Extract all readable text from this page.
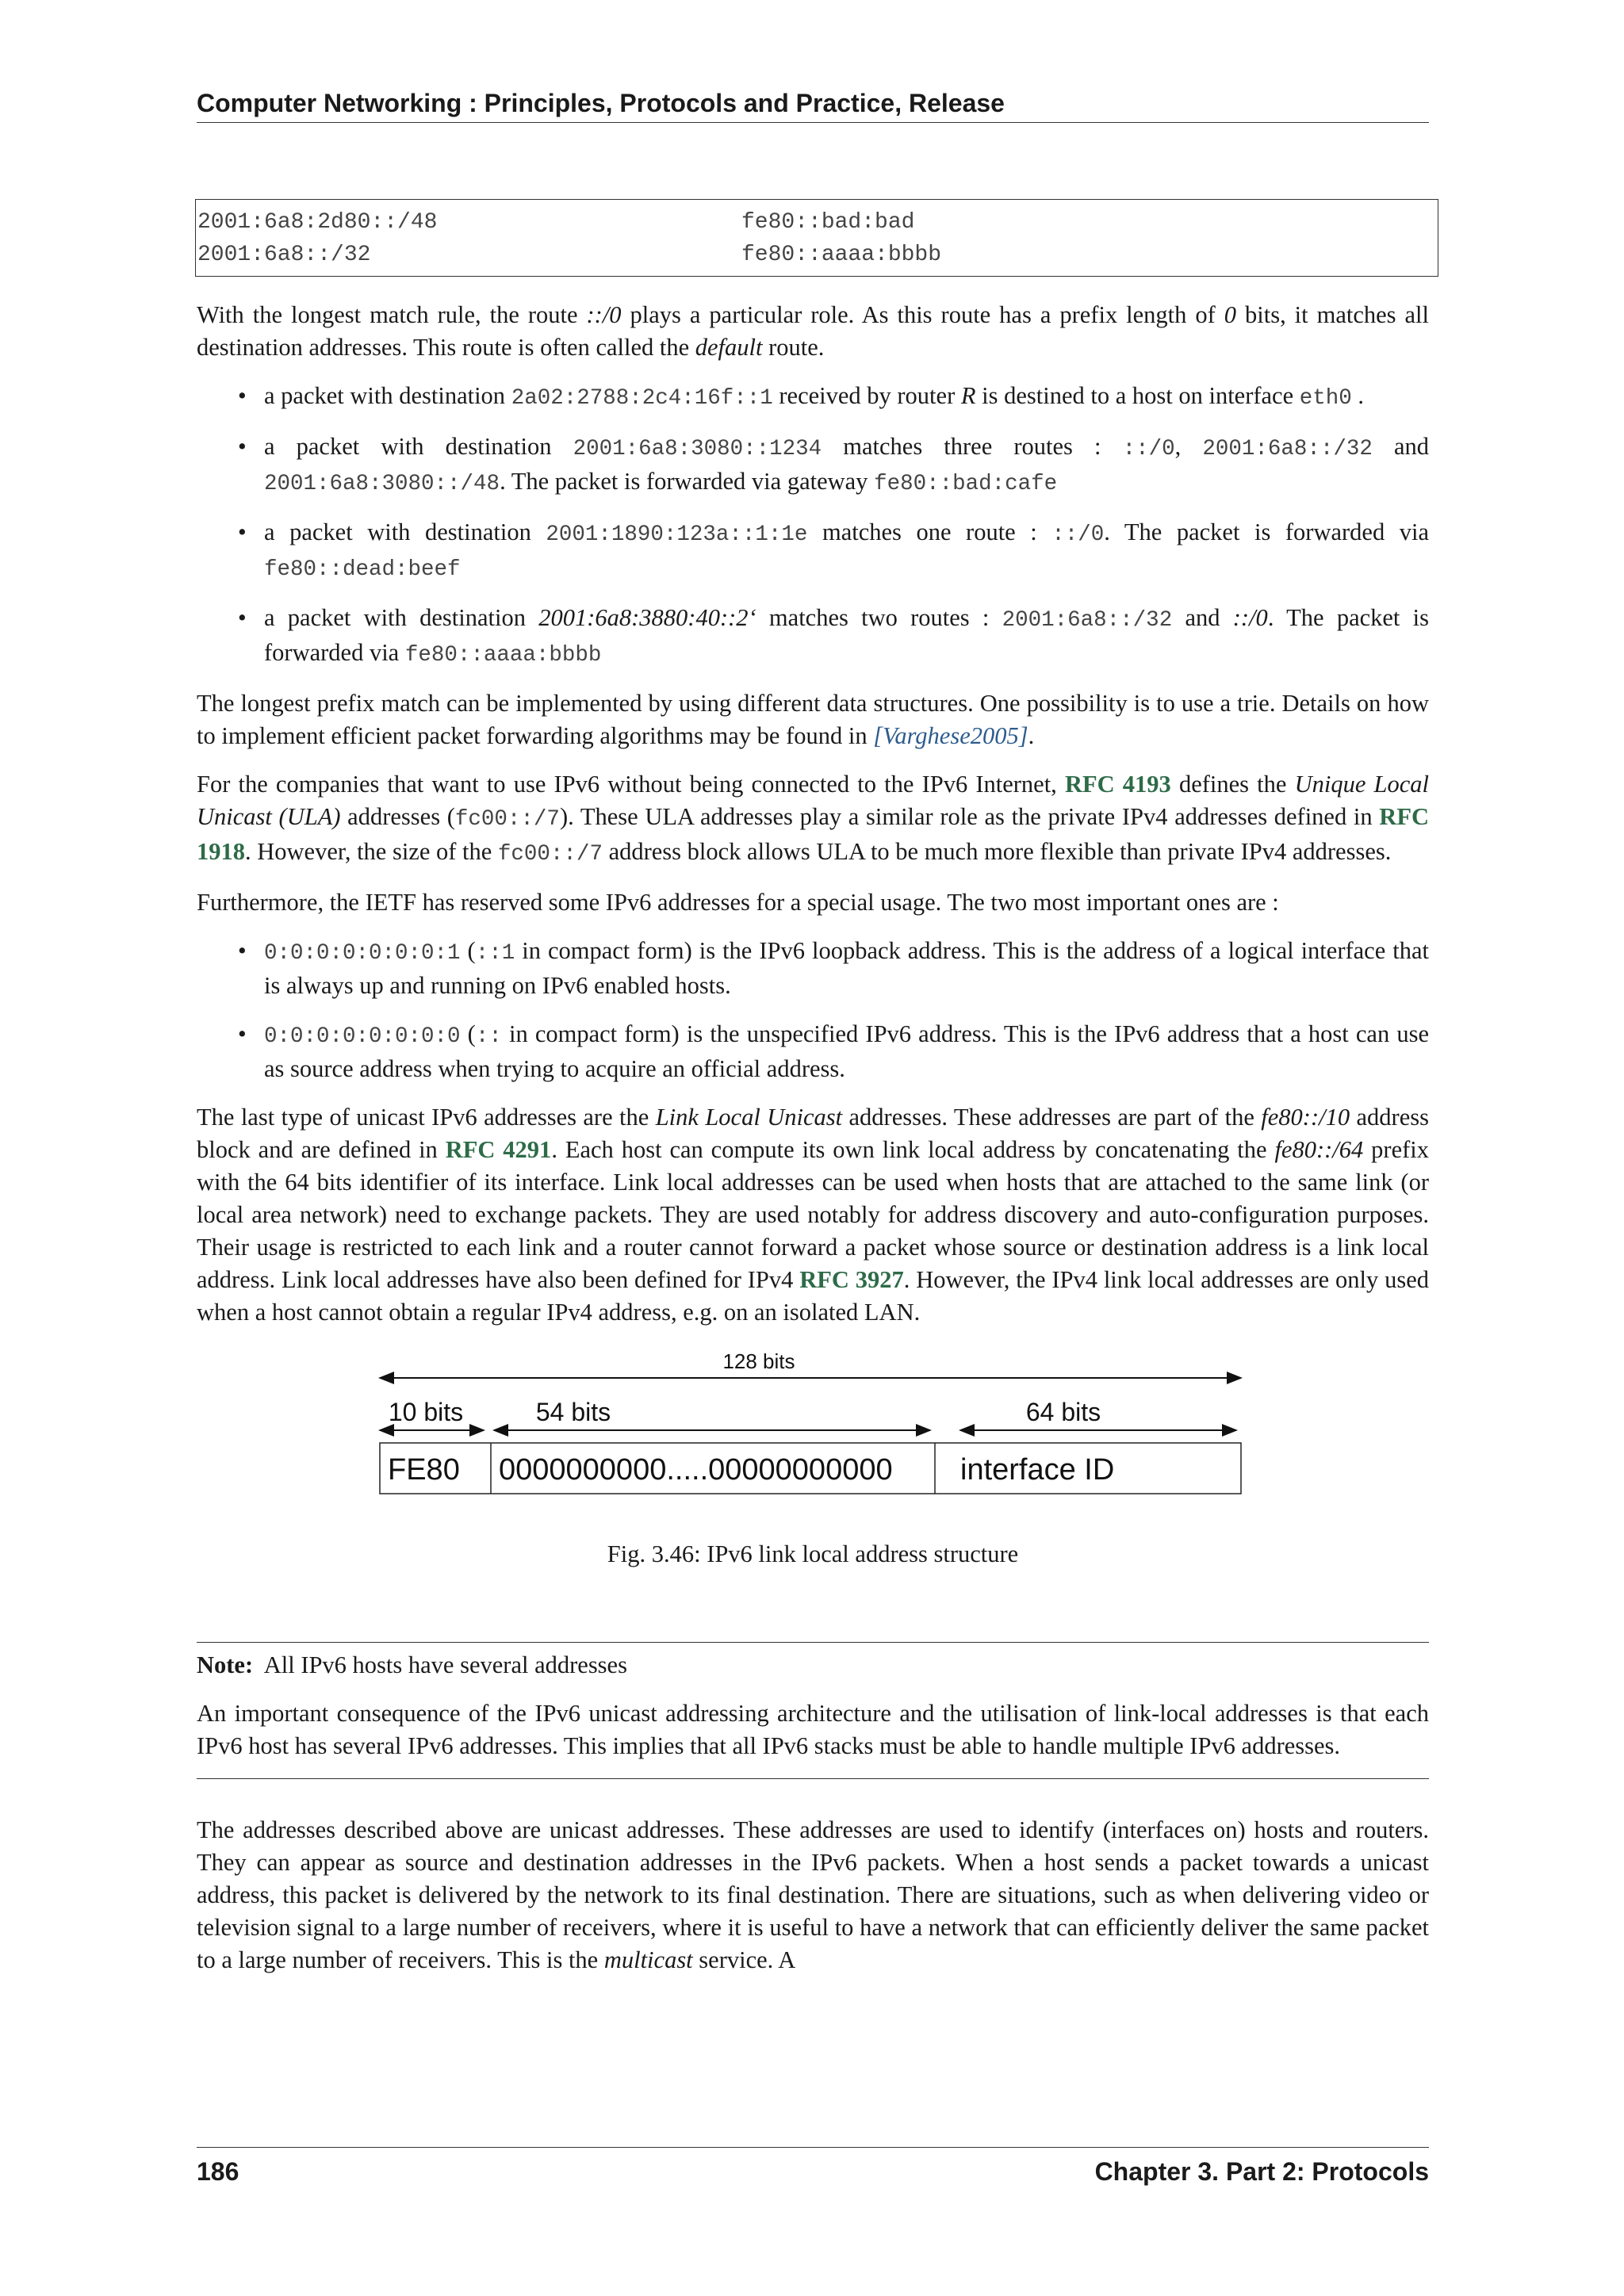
Computer Networking : Principles, Protocols and Practice, Release
2001:6a8:2d80::/48	fe80::bad:bad
2001:6a8::/32	fe80::aaaa:bbbb

With the longest match rule, the route ::/0 plays a particular role. As this route has a prefix length of 0 bits, it matches all destination addresses. This route is often called the default route.

• a packet with destination 2a02:2788:2c4:16f::1 received by router R is destined to a host on interface eth0 .
• a packet with destination 2001:6a8:3080::1234 matches three routes : ::/0, 2001:6a8::/32 and 2001:6a8:3080::/48. The packet is forwarded via gateway fe80::bad:cafe
• a packet with destination 2001:1890:123a::1:1e matches one route : ::/0. The packet is forwarded via fe80::dead:beef
• a packet with destination 2001:6a8:3880:40::2‘ matches two routes : 2001:6a8::/32 and ::/0. The packet is forwarded via fe80::aaaa:bbbb

The longest prefix match can be implemented by using different data structures. One possibility is to use a trie. Details on how to implement efficient packet forwarding algorithms may be found in [Varghese2005].

For the companies that want to use IPv6 without being connected to the IPv6 Internet, RFC 4193 defines the Unique Local Unicast (ULA) addresses (fc00::/7). These ULA addresses play a similar role as the private IPv4 addresses defined in RFC 1918. However, the size of the fc00::/7 address block allows ULA to be much more flexible than private IPv4 addresses.

Furthermore, the IETF has reserved some IPv6 addresses for a special usage. The two most important ones are :

• 0:0:0:0:0:0:0:1 (::1 in compact form) is the IPv6 loopback address. This is the address of a logical interface that is always up and running on IPv6 enabled hosts.
• 0:0:0:0:0:0:0:0 (:: in compact form) is the unspecified IPv6 address. This is the IPv6 address that a host can use as source address when trying to acquire an official address.

The last type of unicast IPv6 addresses are the Link Local Unicast addresses. These addresses are part of the fe80::/10 address block and are defined in RFC 4291. Each host can compute its own link local address by concatenating the fe80::/64 prefix with the 64 bits identifier of its interface. Link local addresses can be used when hosts that are attached to the same link (or local area network) need to exchange packets. They are used notably for address discovery and auto-configuration purposes. Their usage is restricted to each link and a router cannot forward a packet whose source or destination address is a link local address. Link local addresses have also been defined for IPv4 RFC 3927. However, the IPv4 link local addresses are only used when a host cannot obtain a regular IPv4 address, e.g. on an isolated LAN.

128 bits
10 bits	54 bits	64 bits
FE80 0000000000.....00000000000 interface ID

Fig. 3.46: IPv6 link local address structure

Note: All IPv6 hosts have several addresses

An important consequence of the IPv6 unicast addressing architecture and the utilisation of link-local addresses is that each IPv6 host has several IPv6 addresses. This implies that all IPv6 stacks must be able to handle multiple IPv6 addresses.

The addresses described above are unicast addresses. These addresses are used to identify (interfaces on) hosts and routers. They can appear as source and destination addresses in the IPv6 packets. When a host sends a packet towards a unicast address, this packet is delivered by the network to its final destination. There are situations, such as when delivering video or television signal to a large number of receivers, where it is useful to have a network that can efficiently deliver the same packet to a large number of receivers. This is the multicast service. A

186	Chapter 3. Part 2: Protocols
